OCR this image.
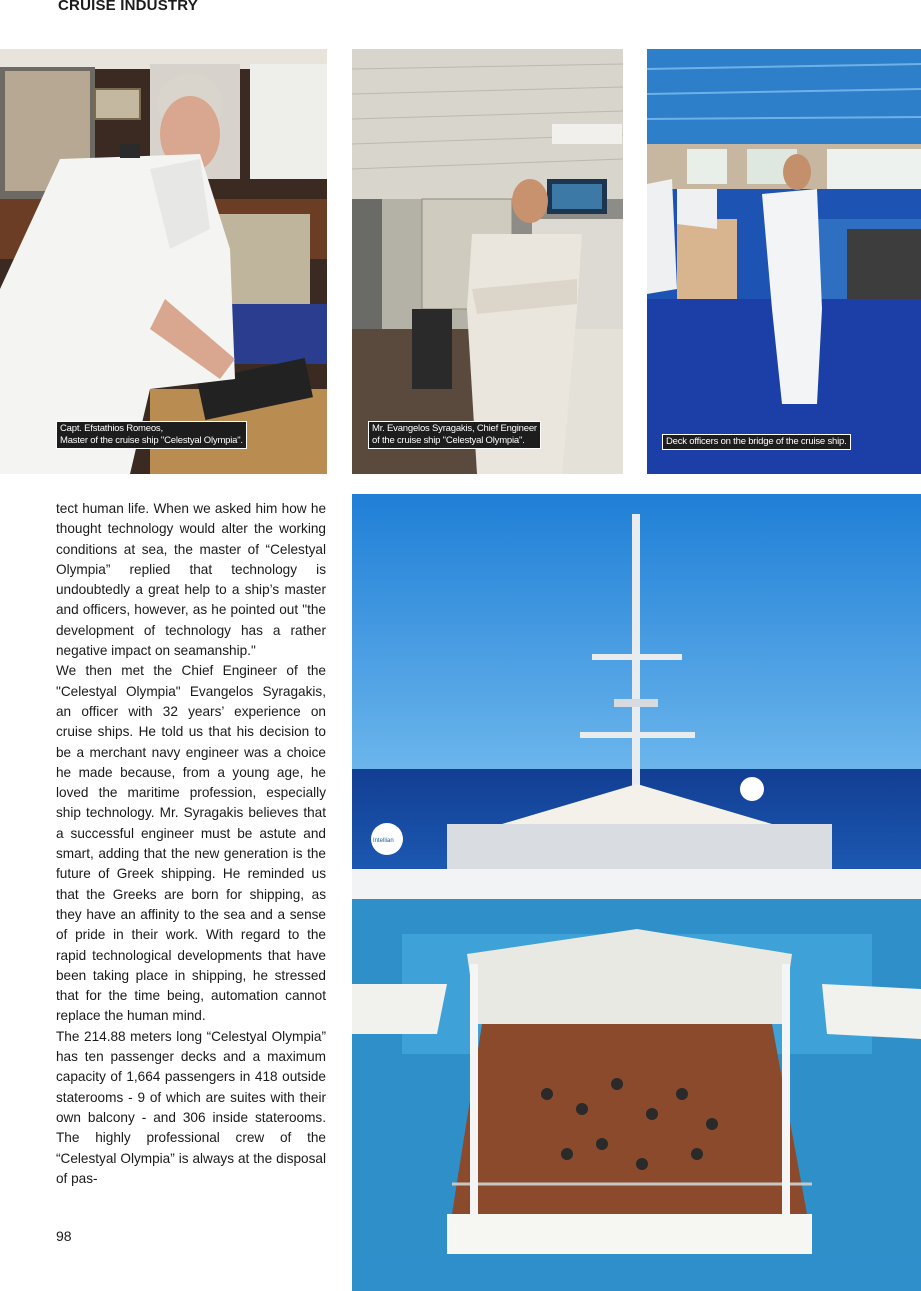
CRUISE INDUSTRY
Capt. Efstathios Romeos,
Master of the cruise ship "Celestyal Olympia".
Mr. Evangelos Syragakis, Chief Engineer
of the cruise ship "Celestyal Olympia".	Deck officers on the bridge of the cruise ship.

tect human life. When we asked him how he thought technology would alter the working conditions at sea, the master of “Celestyal Olympia” replied that technology is undoubtedly a great help to a ship’s master and officers, however, as he pointed out "the development of technology has a rather negative impact on seamanship."

We then met the Chief Engineer of the "Celestyal Olympia" Evangelos Syragakis, an officer with 32 years’ experience on cruise ships. He told us that his decision to be a merchant navy engineer was a choice he made because, from a young age, he loved the maritime profession, especially ship technology. Mr. Syragakis believes that a successful engineer must be astute and smart, adding that the new generation is the future of Greek shipping. He reminded us that the Greeks are born for shipping, as they have an affinity to the sea and a sense of pride in their work. With regard to the rapid technological developments that have been taking place in shipping, he stressed that for the time being, automation cannot replace the human mind.

The 214.88 meters long “Celestyal Olympia” has ten passenger decks and a maximum capacity of 1,664 passengers in 418 outside staterooms - 9 of which are suites with their own balcony - and 306 inside staterooms. The highly professional crew of the “Celestyal Olympia” is always at the disposal of pas-

Intellian
98
